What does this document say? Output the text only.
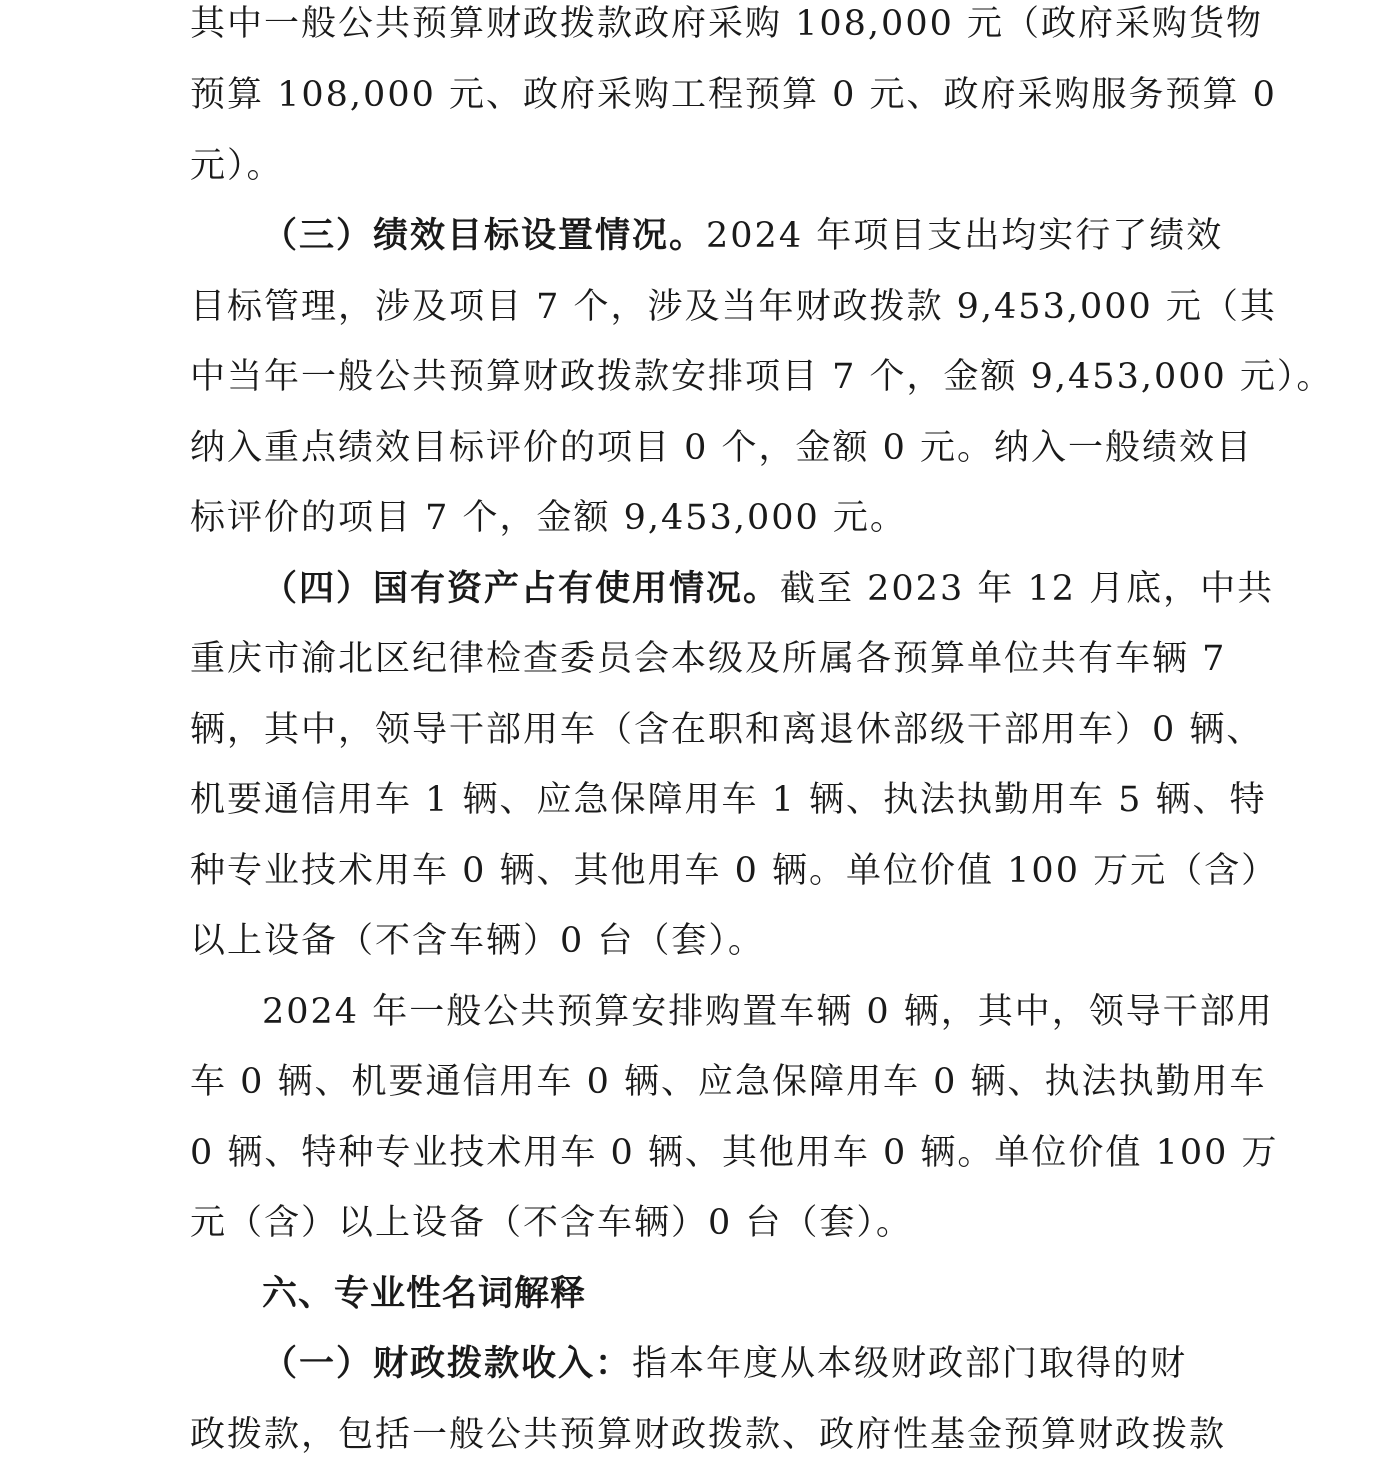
其中一般公共预算财政拨款政府采购 108,000 元（政府采购货物
预算 108,000 元、政府采购工程预算 0 元、政府采购服务预算 0
元）。
（三）绩效目标设置情况。2024 年项目支出均实行了绩效
目标管理，涉及项目 7 个，涉及当年财政拨款 9,453,000 元（其
中当年一般公共预算财政拨款安排项目 7 个，金额 9,453,000 元）。
纳入重点绩效目标评价的项目 0 个，金额 0 元。纳入一般绩效目
标评价的项目 7 个，金额 9,453,000 元。
（四）国有资产占有使用情况。截至 2023 年 12 月底，中共
重庆市渝北区纪律检查委员会本级及所属各预算单位共有车辆 7
辆，其中，领导干部用车（含在职和离退休部级干部用车）0 辆、
机要通信用车 1 辆、应急保障用车 1 辆、执法执勤用车 5 辆、特
种专业技术用车 0 辆、其他用车 0 辆。单位价值 100 万元（含）
以上设备（不含车辆）0 台（套）。
2024 年一般公共预算安排购置车辆 0 辆，其中，领导干部用
车 0 辆、机要通信用车 0 辆、应急保障用车 0 辆、执法执勤用车
0 辆、特种专业技术用车 0 辆、其他用车 0 辆。单位价值 100 万
元（含）以上设备（不含车辆）0 台（套）。
六、专业性名词解释
（一）财政拨款收入：指本年度从本级财政部门取得的财
政拨款，包括一般公共预算财政拨款、政府性基金预算财政拨款
